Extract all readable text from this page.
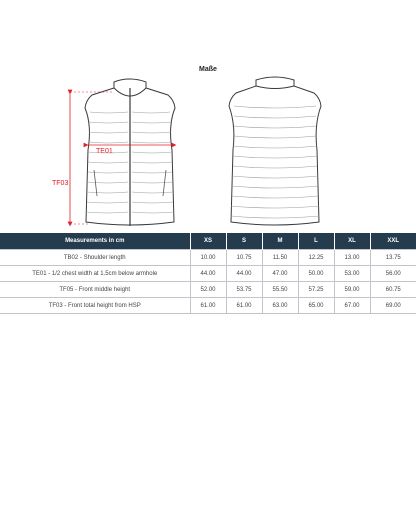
Maße
TE01
TF03
Measurements in cm	XS	S	M	L	XL	XXL
TB02 - Shoulder length	10.00	10.75	11.50	12.25	13.00	13.75
TE01 - 1/2 chest width at 1.5cm below armhole	44.00	44.00	47.00	50.00	53.00	56.00
TF05 - Front middle height	52.00	53.75	55.50	57.25	59.00	60.75
TF03 - Front total height from HSP	61.00	61.00	63.00	65.00	67.00	69.00
